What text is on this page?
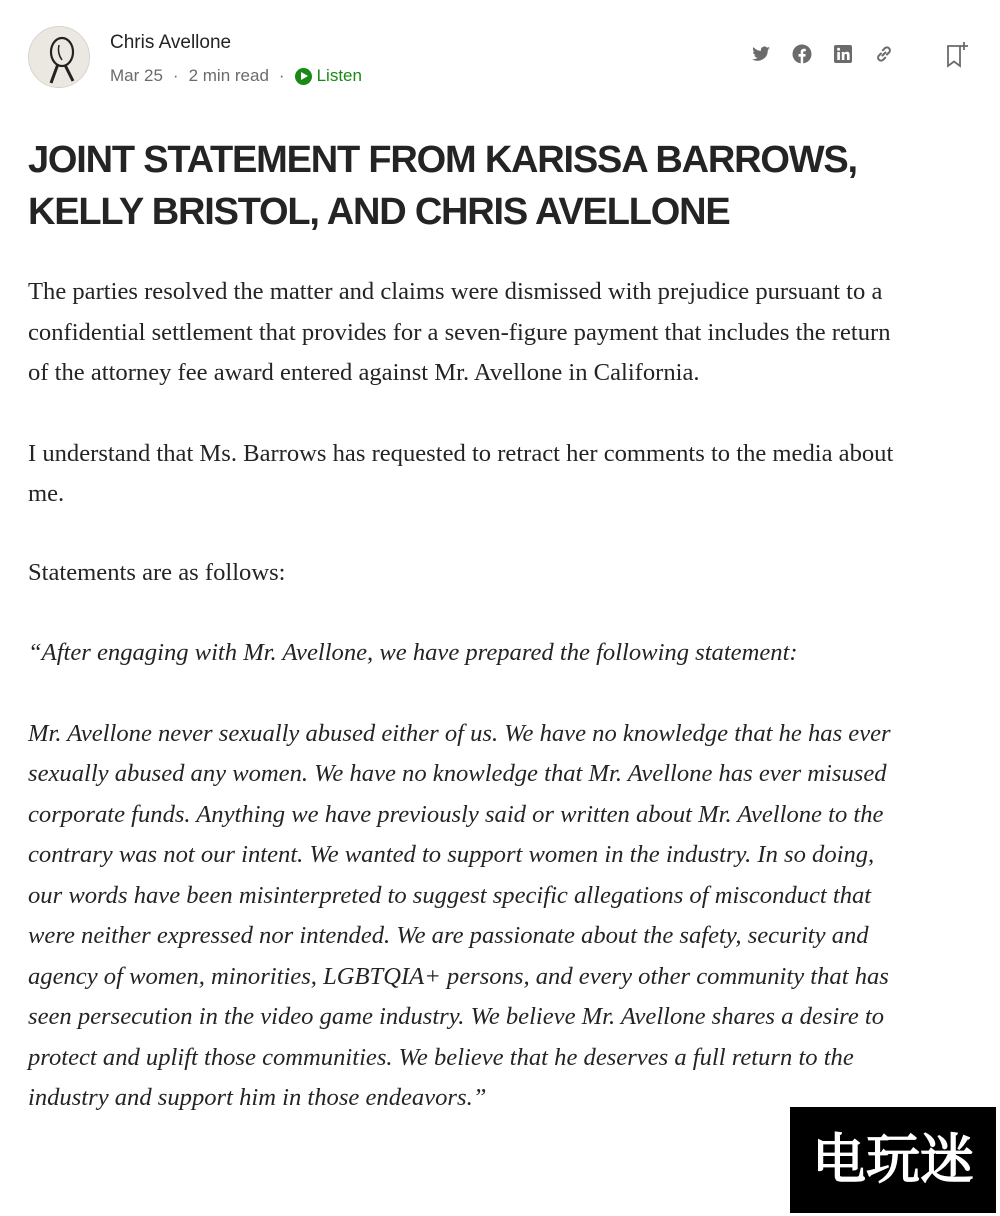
Chris Avellone
Mar 25 · 2 min read · Listen
JOINT STATEMENT FROM KARISSA BARROWS, KELLY BRISTOL, AND CHRIS AVELLONE

The parties resolved the matter and claims were dismissed with prejudice pursuant to a confidential settlement that provides for a seven-figure payment that includes the return of the attorney fee award entered against Mr. Avellone in California.

I understand that Ms. Barrows has requested to retract her comments to the media about me.

Statements are as follows:

“After engaging with Mr. Avellone, we have prepared the following statement:

Mr. Avellone never sexually abused either of us. We have no knowledge that he has ever sexually abused any women. We have no knowledge that Mr. Avellone has ever misused corporate funds. Anything we have previously said or written about Mr. Avellone to the contrary was not our intent. We wanted to support women in the industry. In so doing, our words have been misinterpreted to suggest specific allegations of misconduct that were neither expressed nor intended. We are passionate about the safety, security and agency of women, minorities, LGBTQIA+ persons, and every other community that has seen persecution in the video game industry. We believe Mr. Avellone shares a desire to protect and uplift those communities. We believe that he deserves a full return to the industry and support him in those endeavors.”

电玩迷
